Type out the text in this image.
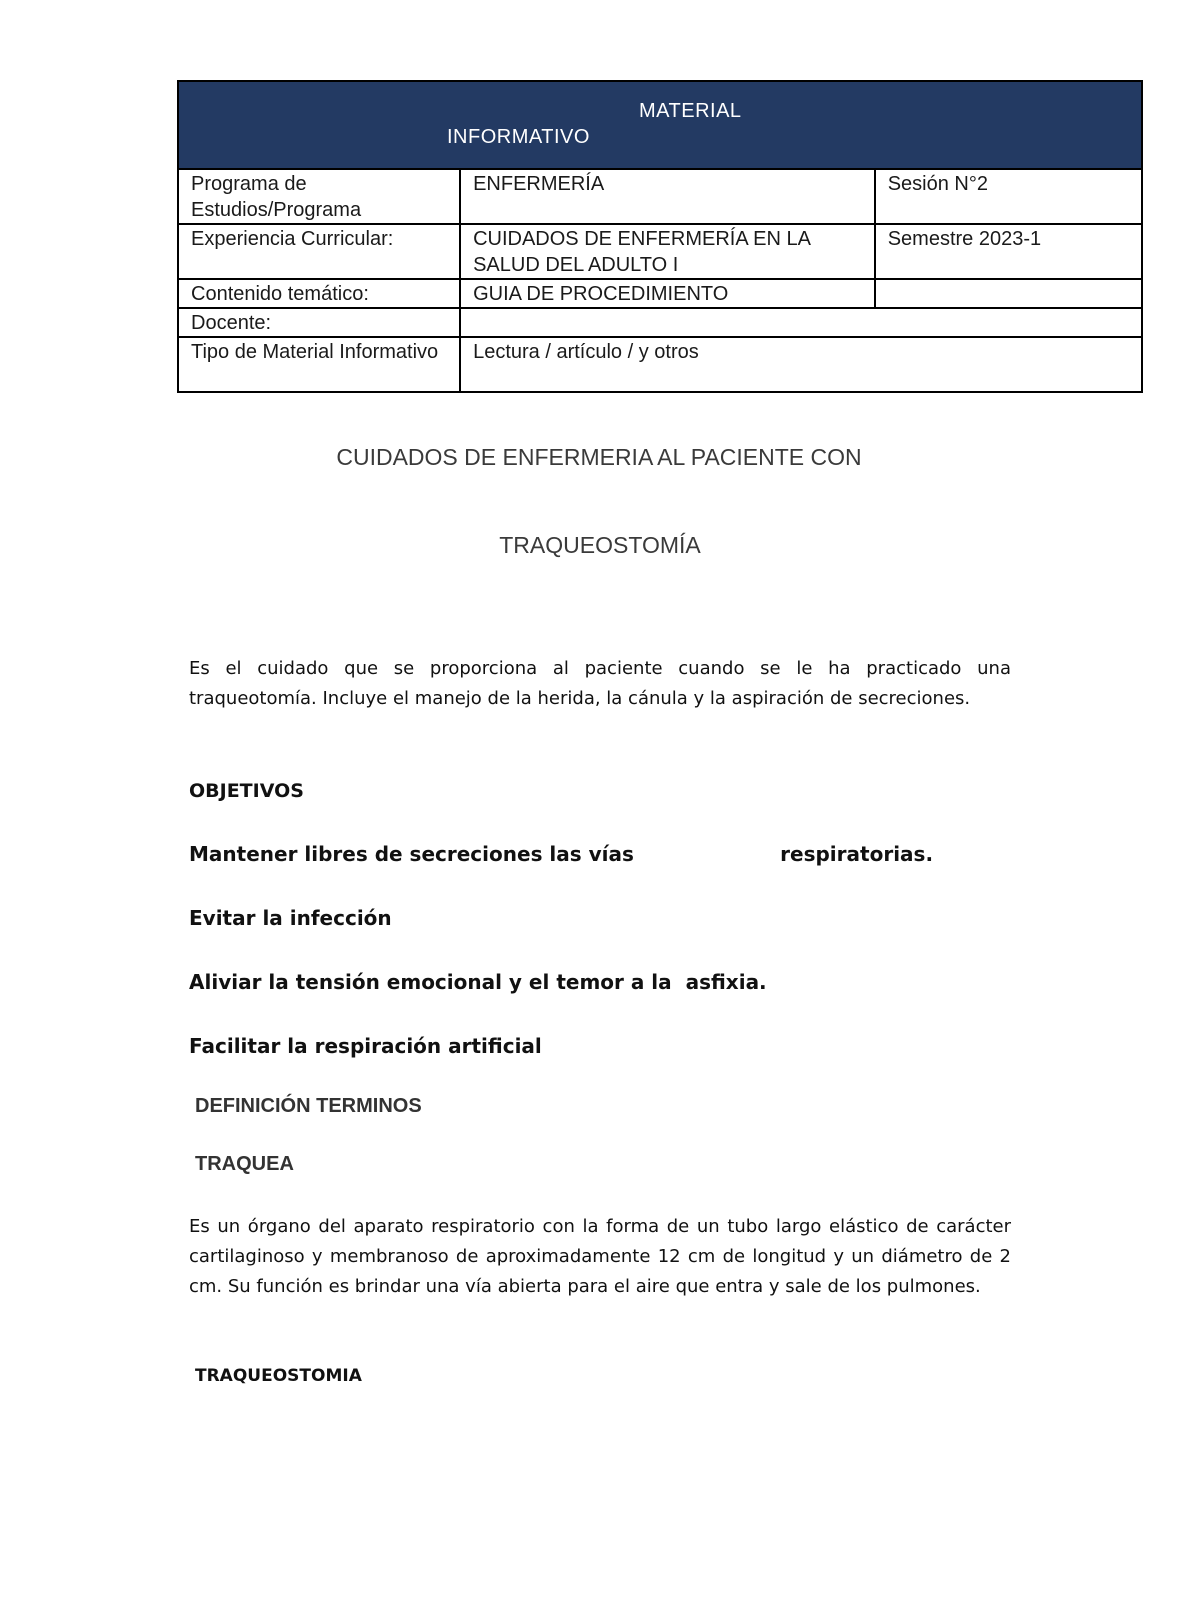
MATERIAL
INFORMATIVO		

Programa de Estudios/Programa	ENFERMERÍA	Sesión N°2
Experiencia Curricular:	CUIDADOS DE ENFERMERÍA EN LA SALUD DEL ADULTO I	Semestre 2023-1
Contenido temático:	GUIA DE PROCEDIMIENTO	
Docente:		
Tipo de Material Informativo	Lectura / artículo / y otros	
CUIDADOS DE ENFERMERIA AL PACIENTE CON
TRAQUEOSTOMÍA

Es el cuidado que se proporciona al paciente cuando se le ha practicado una traqueotomía. Incluye el manejo de la herida, la cánula y la aspiración de secreciones.

OBJETIVOS

Mantener libres de secreciones las vías                     respiratorias.

Evitar la infección

Aliviar la tensión emocional y el temor a la  asfixia.

Facilitar la respiración artificial

DEFINICIÓN TERMINOS

TRAQUEA

Es un órgano del aparato respiratorio con la forma de un tubo largo elástico de carácter cartilaginoso y membranoso de aproximadamente 12 cm de longitud y un diámetro de 2 cm. Su función es brindar una vía abierta para el aire que entra y sale de los pulmones.

TRAQUEOSTOMIA
